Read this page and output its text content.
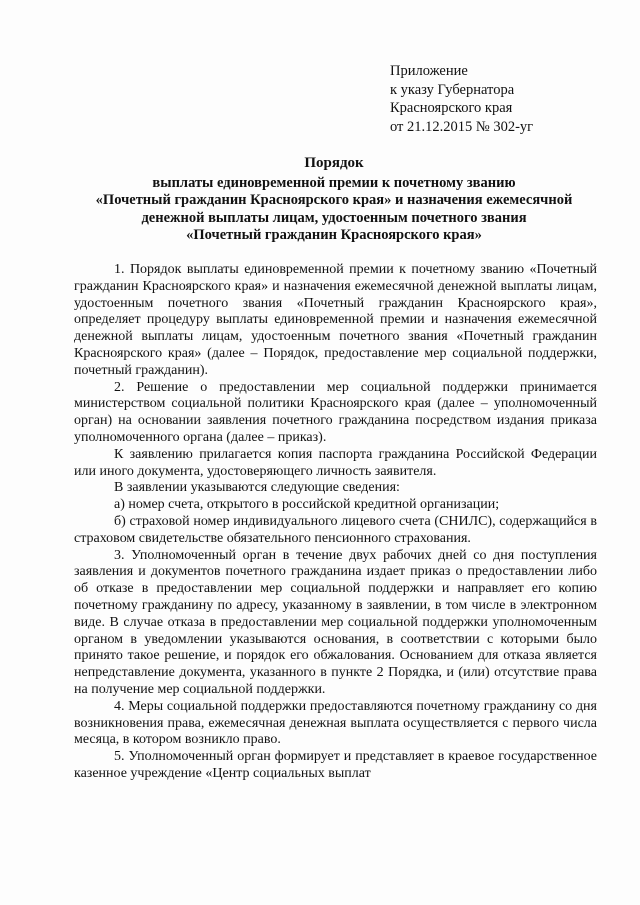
Приложение
к указу Губернатора
Красноярского края
от 21.12.2015 № 302-уг
Порядок
выплаты единовременной премии к почетному званию
«Почетный гражданин Красноярского края» и назначения ежемесячной
денежной выплаты лицам, удостоенным почетного звания
«Почетный гражданин Красноярского края»

1. Порядок выплаты единовременной премии к почетному званию «Почетный гражданин Красноярского края» и назначения ежемесячной денежной выплаты лицам, удостоенным почетного звания «Почетный гражданин Красноярского края», определяет процедуру выплаты единовременной премии и назначения ежемесячной денежной выплаты лицам, удостоенным почетного звания «Почетный гражданин Красноярского края» (далее – Порядок, предоставление мер социальной поддержки, почетный гражданин).

2. Решение о предоставлении мер социальной поддержки принимается министерством социальной политики Красноярского края (далее – уполномоченный орган) на основании заявления почетного гражданина посредством издания приказа уполномоченного органа (далее – приказ).

К заявлению прилагается копия паспорта гражданина Российской Федерации или иного документа, удостоверяющего личность заявителя.

В заявлении указываются следующие сведения:

а) номер счета, открытого в российской кредитной организации;

б) страховой номер индивидуального лицевого счета (СНИЛС), содержащийся в страховом свидетельстве обязательного пенсионного страхования.

3. Уполномоченный орган в течение двух рабочих дней со дня поступления заявления и документов почетного гражданина издает приказ о предоставлении либо об отказе в предоставлении мер социальной поддержки и направляет его копию почетному гражданину по адресу, указанному в заявлении, в том числе в электронном виде. В случае отказа в предоставлении мер социальной поддержки уполномоченным органом в уведомлении указываются основания, в соответствии с которыми было принято такое решение, и порядок его обжалования. Основанием для отказа является непредставление документа, указанного в пункте 2 Порядка, и (или) отсутствие права на получение мер социальной поддержки.

4. Меры социальной поддержки предоставляются почетному гражданину со дня возникновения права, ежемесячная денежная выплата осуществляется с первого числа месяца, в котором возникло право.

5. Уполномоченный орган формирует и представляет в краевое государственное казенное учреждение «Центр социальных выплат
